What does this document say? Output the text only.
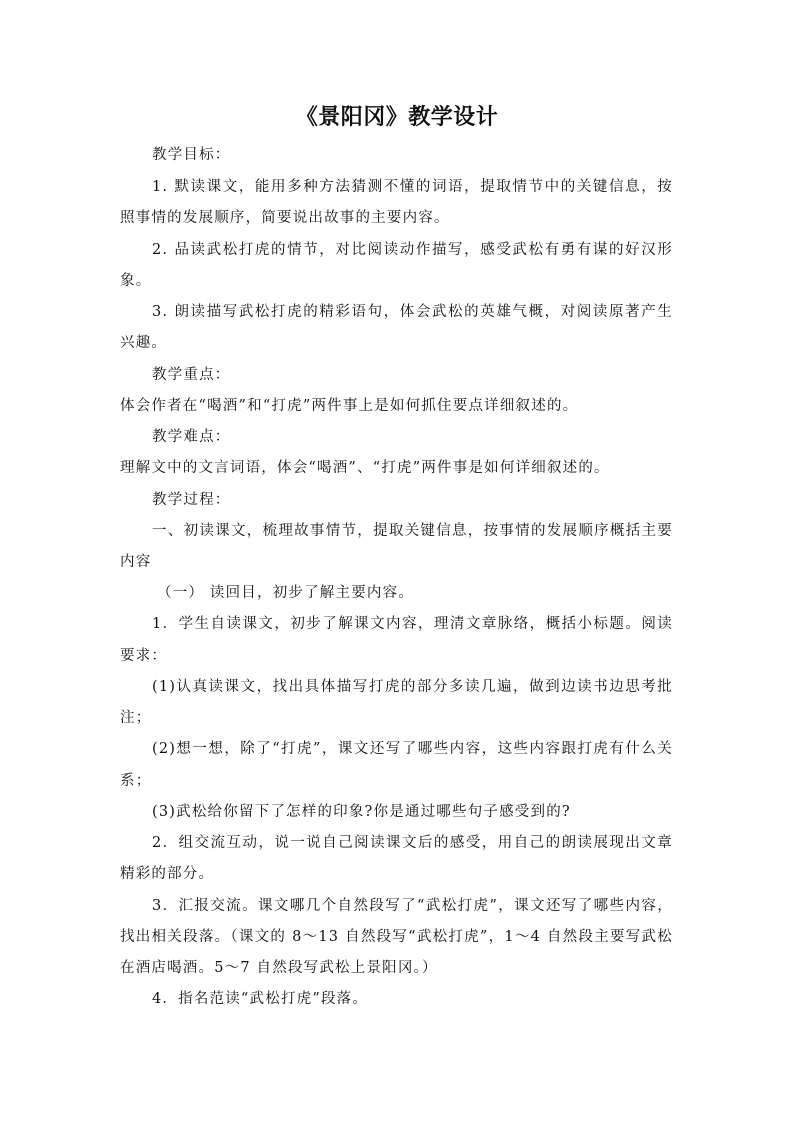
《景阳冈》教学设计
教学目标：
1. 默读课文，能用多种方法猜测不懂的词语，提取情节中的关键信息，按
照事情的发展顺序，简要说出故事的主要内容。
2. 品读武松打虎的情节，对比阅读动作描写，感受武松有勇有谋的好汉形
象。
3. 朗读描写武松打虎的精彩语句，体会武松的英雄气概，对阅读原著产生
兴趣。
教学重点：
体会作者在“喝酒”和“打虎”两件事上是如何抓住要点详细叙述的。
教学难点：
理解文中的文言词语，体会“喝酒”、“打虎”两件事是如何详细叙述的。
教学过程：
一、初读课文，梳理故事情节，提取关键信息，按事情的发展顺序概括主要
内容
（一） 读回目，初步了解主要内容。
1．学生自读课文，初步了解课文内容，理清文章脉络，概括小标题。阅读
要求：
(1)认真读课文，找出具体描写打虎的部分多读几遍，做到边读书边思考批
注；
(2)想一想，除了“打虎”，课文还写了哪些内容，这些内容跟打虎有什么关
系；
(3)武松给你留下了怎样的印象?你是通过哪些句子感受到的?
2．组交流互动，说一说自己阅读课文后的感受，用自己的朗读展现出文章
精彩的部分。
3．汇报交流。课文哪几个自然段写了“武松打虎”，课文还写了哪些内容，
找出相关段落。（课文的 8～13 自然段写“武松打虎”，1～4 自然段主要写武松
在酒店喝酒。5～7 自然段写武松上景阳冈。）
4．指名范读“武松打虎”段落。
